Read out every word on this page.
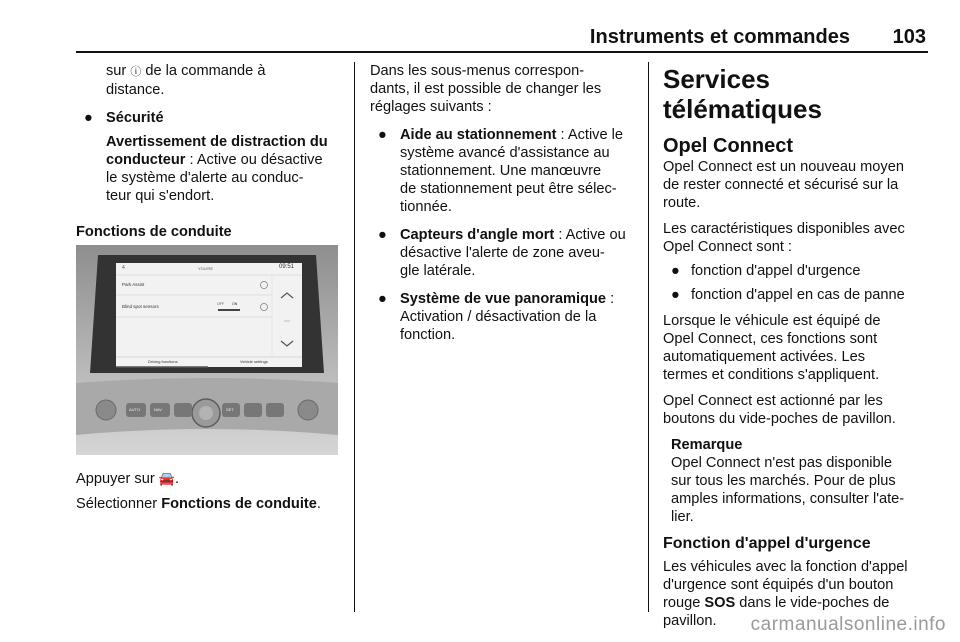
Instruments et commandes 103

sur ⓘ de la commande à
distance.

● Sécurité

Avertissement de distraction du
conducteur : Active ou désactive
le système d'alerte au conduc-
teur qui s'endort.

Fonctions de conduite

4	YOU'RE	09:51
Park Assist
Blind spot sensors	OFF ON
Driving functions	Vehicle settings
AUTO	NAV	SET

Appuyer sur 🚘.

Sélectionner Fonctions de conduite.

Dans les sous-menus correspon-
dants, il est possible de changer les
réglages suivants :

● Aide au stationnement : Active le
système avancé d'assistance au
stationnement. Une manœuvre
de stationnement peut être sélec-
tionnée.
● Capteurs d'angle mort : Active ou
désactive l'alerte de zone aveu-
gle latérale.
● Système de vue panoramique :
Activation / désactivation de la
fonction.
Services télématiques
Opel Connect

Opel Connect est un nouveau moyen
de rester connecté et sécurisé sur la
route.

Les caractéristiques disponibles avec
Opel Connect sont :

● fonction d'appel d'urgence
● fonction d'appel en cas de panne

Lorsque le véhicule est équipé de
Opel Connect, ces fonctions sont
automatiquement activées. Les
termes et conditions s'appliquent.

Opel Connect est actionné par les
boutons du vide-poches de pavillon.

Remarque
Opel Connect n'est pas disponible
sur tous les marchés. Pour de plus
amples informations, consulter l'ate-
lier.

Fonction d'appel d'urgence

Les véhicules avec la fonction d'appel
d'urgence sont équipés d'un bouton
rouge SOS dans le vide-poches de
pavillon.	carmanualsonline.info
